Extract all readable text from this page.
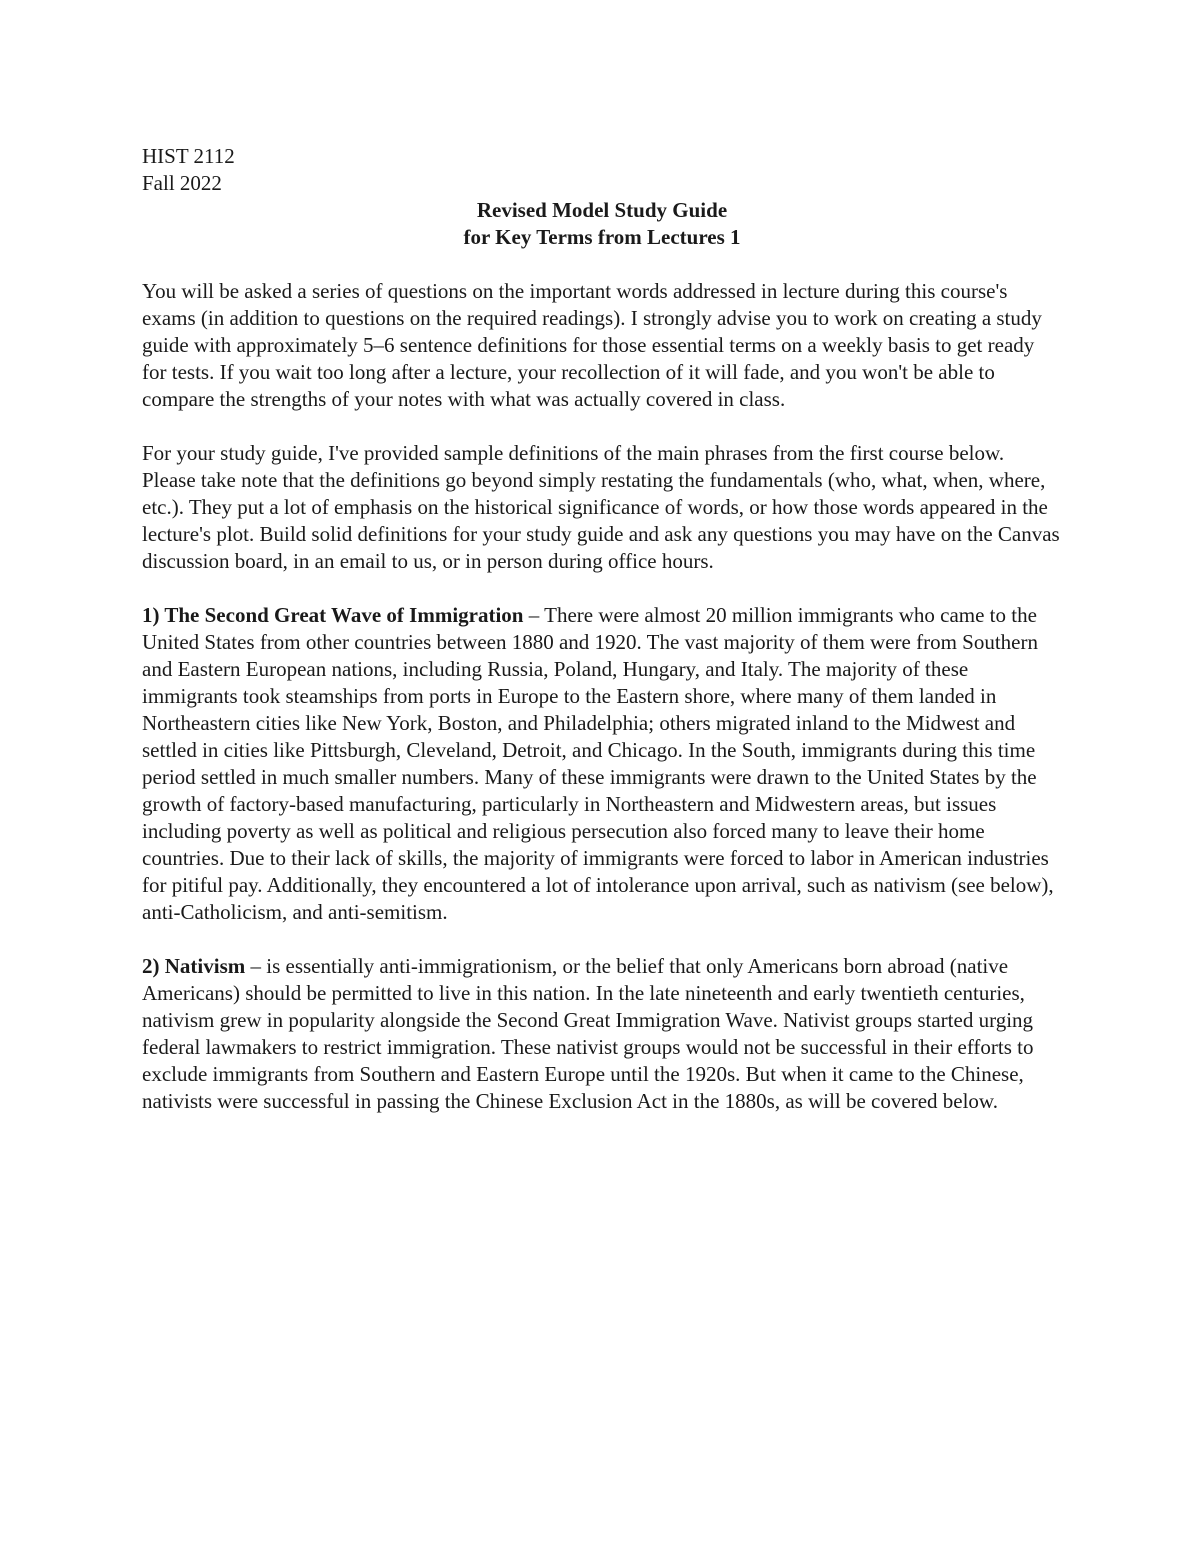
HIST 2112
Fall 2022
Revised Model Study Guide
for Key Terms from Lectures 1

You will be asked a series of questions on the important words addressed in lecture during this course's exams (in addition to questions on the required readings). I strongly advise you to work on creating a study guide with approximately 5–6 sentence definitions for those essential terms on a weekly basis to get ready for tests. If you wait too long after a lecture, your recollection of it will fade, and you won't be able to compare the strengths of your notes with what was actually covered in class.

For your study guide, I've provided sample definitions of the main phrases from the first course below. Please take note that the definitions go beyond simply restating the fundamentals (who, what, when, where, etc.). They put a lot of emphasis on the historical significance of words, or how those words appeared in the lecture's plot. Build solid definitions for your study guide and ask any questions you may have on the Canvas discussion board, in an email to us, or in person during office hours.

1) The Second Great Wave of Immigration – There were almost 20 million immigrants who came to the United States from other countries between 1880 and 1920. The vast majority of them were from Southern and Eastern European nations, including Russia, Poland, Hungary, and Italy. The majority of these immigrants took steamships from ports in Europe to the Eastern shore, where many of them landed in Northeastern cities like New York, Boston, and Philadelphia; others migrated inland to the Midwest and settled in cities like Pittsburgh, Cleveland, Detroit, and Chicago. In the South, immigrants during this time period settled in much smaller numbers. Many of these immigrants were drawn to the United States by the growth of factory-based manufacturing, particularly in Northeastern and Midwestern areas, but issues including poverty as well as political and religious persecution also forced many to leave their home countries. Due to their lack of skills, the majority of immigrants were forced to labor in American industries for pitiful pay. Additionally, they encountered a lot of intolerance upon arrival, such as nativism (see below), anti-Catholicism, and anti-semitism.

2) Nativism – is essentially anti-immigrationism, or the belief that only Americans born abroad (native Americans) should be permitted to live in this nation. In the late nineteenth and early twentieth centuries, nativism grew in popularity alongside the Second Great Immigration Wave. Nativist groups started urging federal lawmakers to restrict immigration. These nativist groups would not be successful in their efforts to exclude immigrants from Southern and Eastern Europe until the 1920s. But when it came to the Chinese, nativists were successful in passing the Chinese Exclusion Act in the 1880s, as will be covered below.
